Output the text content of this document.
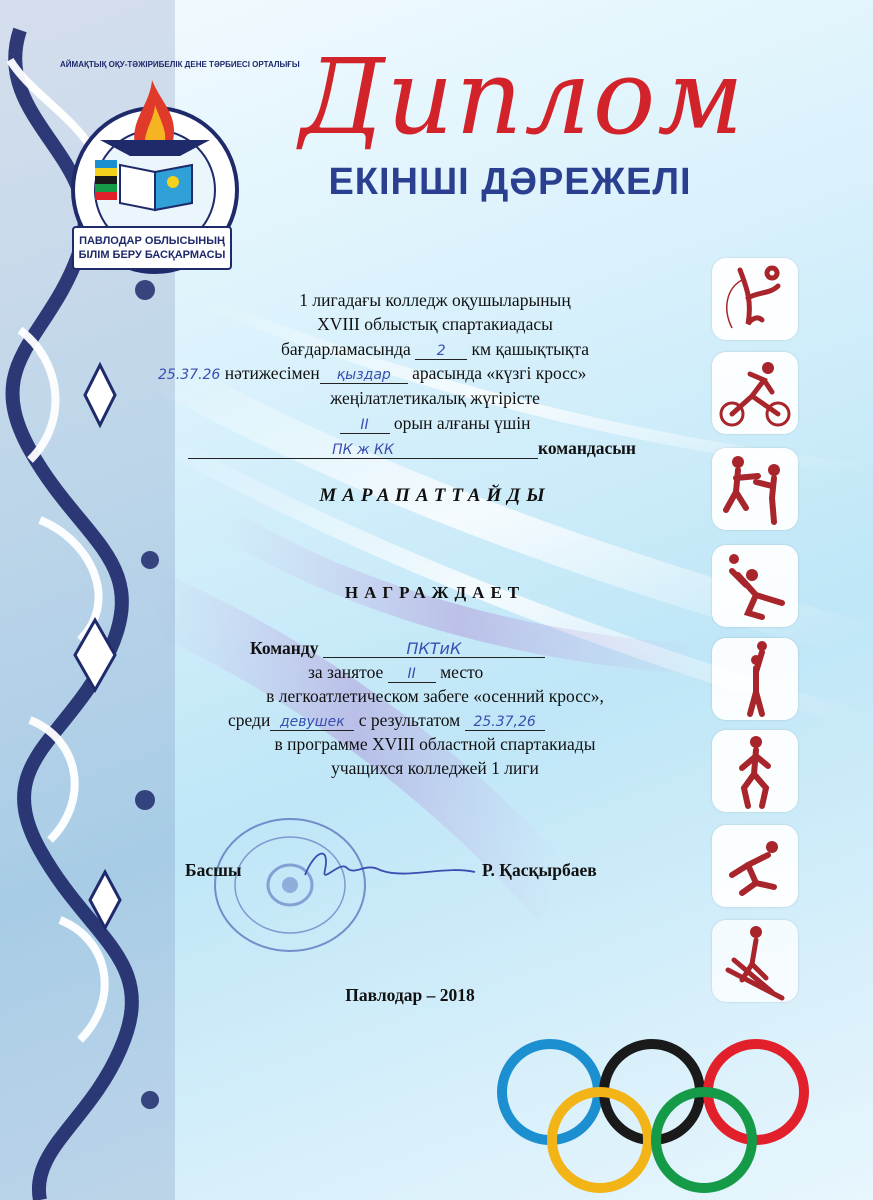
ПАВЛОДАР ОБЛЫСЫНЫҢ
БІЛІМ БЕРУ БАСҚАРМАСЫ
АЙМАҚТЫҚ ОҚУ-ТӘЖІРИБЕЛІК ДЕНЕ ТӘРБИЕСІ ОРТАЛЫҒЫ Диплом
ЕКІНШІ ДӘРЕЖЕЛІ
1 лигадағы колледж оқушыларының
XVIII облыстық спартакиадасы
бағдарламасында 2 км қашықтықта
25.37.26 нәтижесімен қыздар арасында «күзгі кросс»
жеңілатлетикалық жүгірісте
II орын алғаны үшін
ПК ж КК	командасын
МАРАПАТТАЙДЫ
НАГРАЖДАЕТ
Команду	ПКТиК
за занятое II место
в легкоатлетическом забеге «осенний кросс»,
среди девушек с результатом 25.37,26
в программе XVIII областной спартакиады
учащихся колледжей 1 лиги
Басшы	Р. Қасқырбаев
Павлодар – 2018
